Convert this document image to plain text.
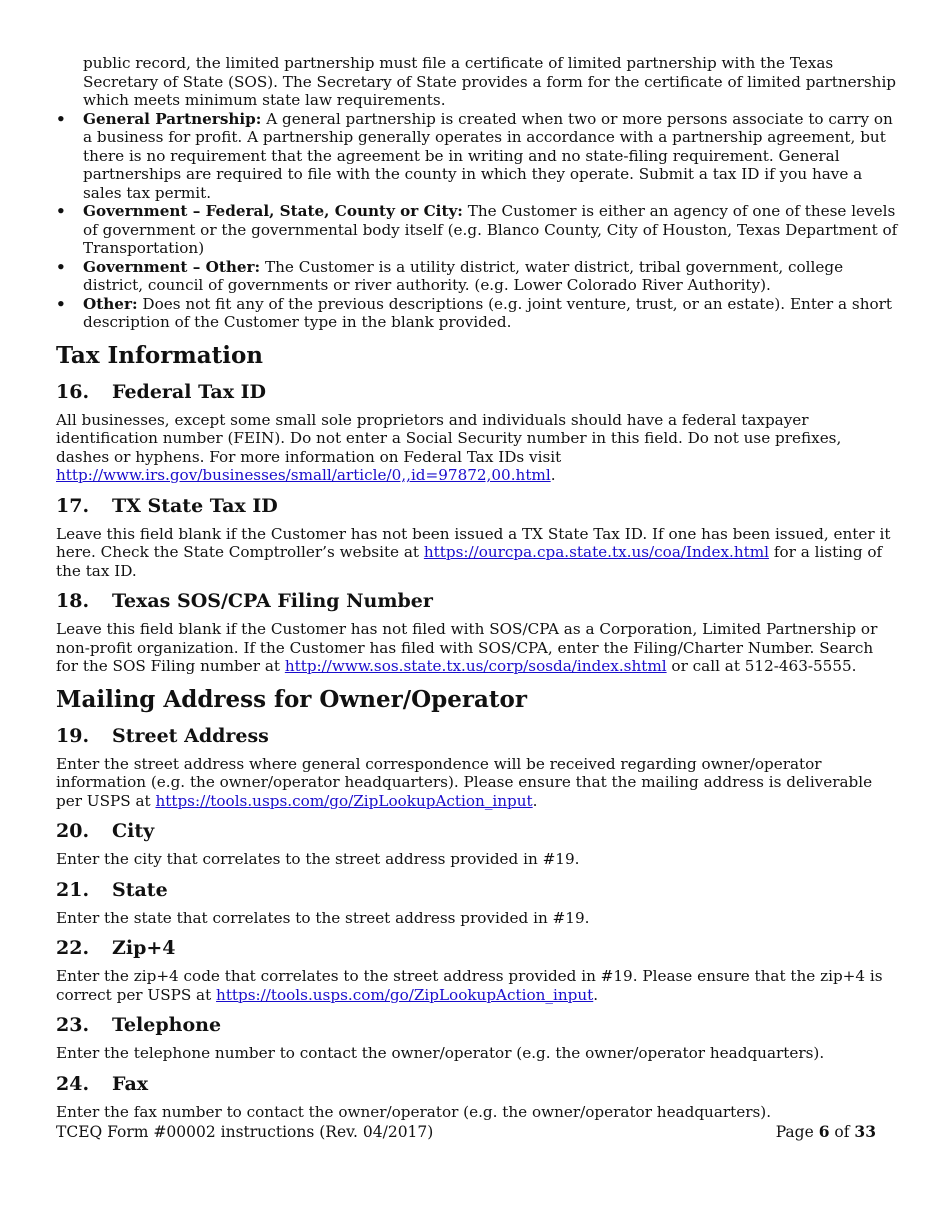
public record, the limited partnership must file a certificate of limited partnership with the Texas Secretary of State (SOS). The Secretary of State provides a form for the certificate of limited partnership which meets minimum state law requirements.

• General Partnership: A general partnership is created when two or more persons associate to carry on a business for profit. A partnership generally operates in accordance with a partnership agreement, but there is no requirement that the agreement be in writing and no state-filing requirement. General partnerships are required to file with the county in which they operate. Submit a tax ID if you have a sales tax permit.
• Government – Federal, State, County or City: The Customer is either an agency of one of these levels of government or the governmental body itself (e.g. Blanco County, City of Houston, Texas Department of Transportation)
• Government – Other: The Customer is a utility district, water district, tribal government, college district, council of governments or river authority. (e.g. Lower Colorado River Authority).
• Other: Does not fit any of the previous descriptions (e.g. joint venture, trust, or an estate). Enter a short description of the Customer type in the blank provided.
Tax Information
16. Federal Tax ID

All businesses, except some small sole proprietors and individuals should have a federal taxpayer identification number (FEIN). Do not enter a Social Security number in this field. Do not use prefixes, dashes or hyphens. For more information on Federal Tax IDs visit http://www.irs.gov/businesses/small/article/0,,id=97872,00.html.

17. TX State Tax ID

Leave this field blank if the Customer has not been issued a TX State Tax ID. If one has been issued, enter it here. Check the State Comptroller’s website at https://ourcpa.cpa.state.tx.us/coa/Index.html for a listing of the tax ID.

18. Texas SOS/CPA Filing Number

Leave this field blank if the Customer has not filed with SOS/CPA as a Corporation, Limited Partnership or non-profit organization. If the Customer has filed with SOS/CPA, enter the Filing/Charter Number. Search for the SOS Filing number at http://www.sos.state.tx.us/corp/sosda/index.shtml or call at 512-463-5555.

Mailing Address for Owner/Operator
19. Street Address

Enter the street address where general correspondence will be received regarding owner/operator information (e.g. the owner/operator headquarters). Please ensure that the mailing address is deliverable per USPS at https://tools.usps.com/go/ZipLookupAction_input.

20. City

Enter the city that correlates to the street address provided in #19.

21. State

Enter the state that correlates to the street address provided in #19.

22. Zip+4

Enter the zip+4 code that correlates to the street address provided in #19. Please ensure that the zip+4 is correct per USPS at https://tools.usps.com/go/ZipLookupAction_input.

23. Telephone

Enter the telephone number to contact the owner/operator (e.g. the owner/operator headquarters).

24. Fax

Enter the fax number to contact the owner/operator (e.g. the owner/operator headquarters).

TCEQ Form #00002 instructions (Rev. 04/2017)	Page 6 of 33
